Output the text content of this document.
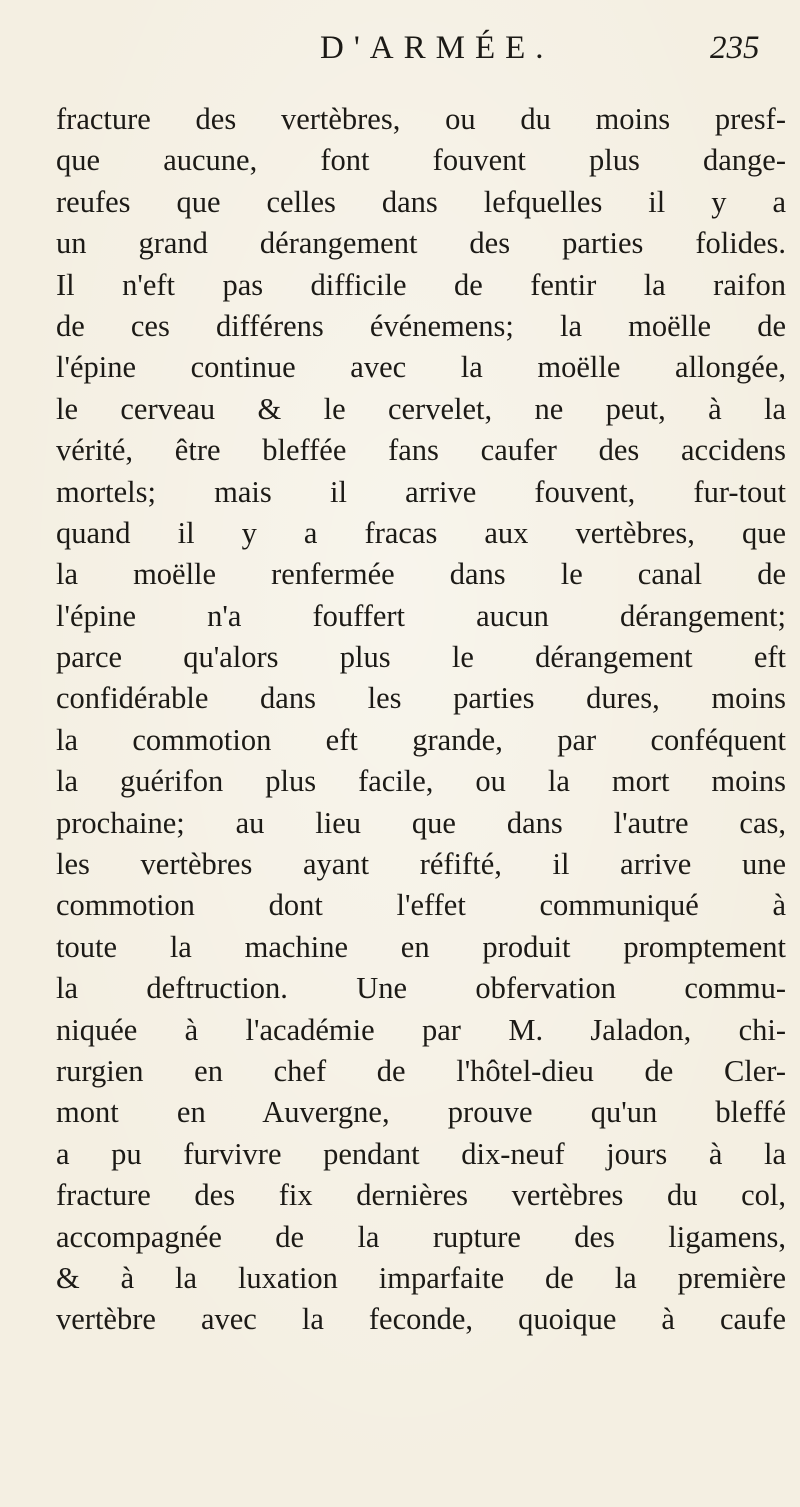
D'ARMÉE.	235
fracture des vertèbres, ou du moins presf-
que aucune, font fouvent plus dange-
reufes que celles dans lefquelles il y a
un grand dérangement des parties folides.
Il n'eft pas difficile de fentir la raifon
de ces différens événemens; la moëlle de
l'épine continue avec la moëlle allongée,
le cerveau & le cervelet, ne peut, à la
vérité, être bleffée fans caufer des accidens
mortels; mais il arrive fouvent, fur-tout
quand il y a fracas aux vertèbres, que
la moëlle renfermée dans le canal de
l'épine n'a fouffert aucun dérangement;
parce qu'alors plus le dérangement eft
confidérable dans les parties dures, moins
la commotion eft grande, par conféquent
la guérifon plus facile, ou la mort moins
prochaine; au lieu que dans l'autre cas,
les vertèbres ayant réfifté, il arrive une
commotion dont l'effet communiqué à
toute la machine en produit promptement
la deftruction. Une obfervation commu-
niquée à l'académie par M. Jaladon, chi-
rurgien en chef de l'hôtel-dieu de Cler-
mont en Auvergne, prouve qu'un bleffé
a pu furvivre pendant dix-neuf jours à la
fracture des fix dernières vertèbres du col,
accompagnée de la rupture des ligamens,
& à la luxation imparfaite de la première
vertèbre avec la feconde, quoique à caufe
